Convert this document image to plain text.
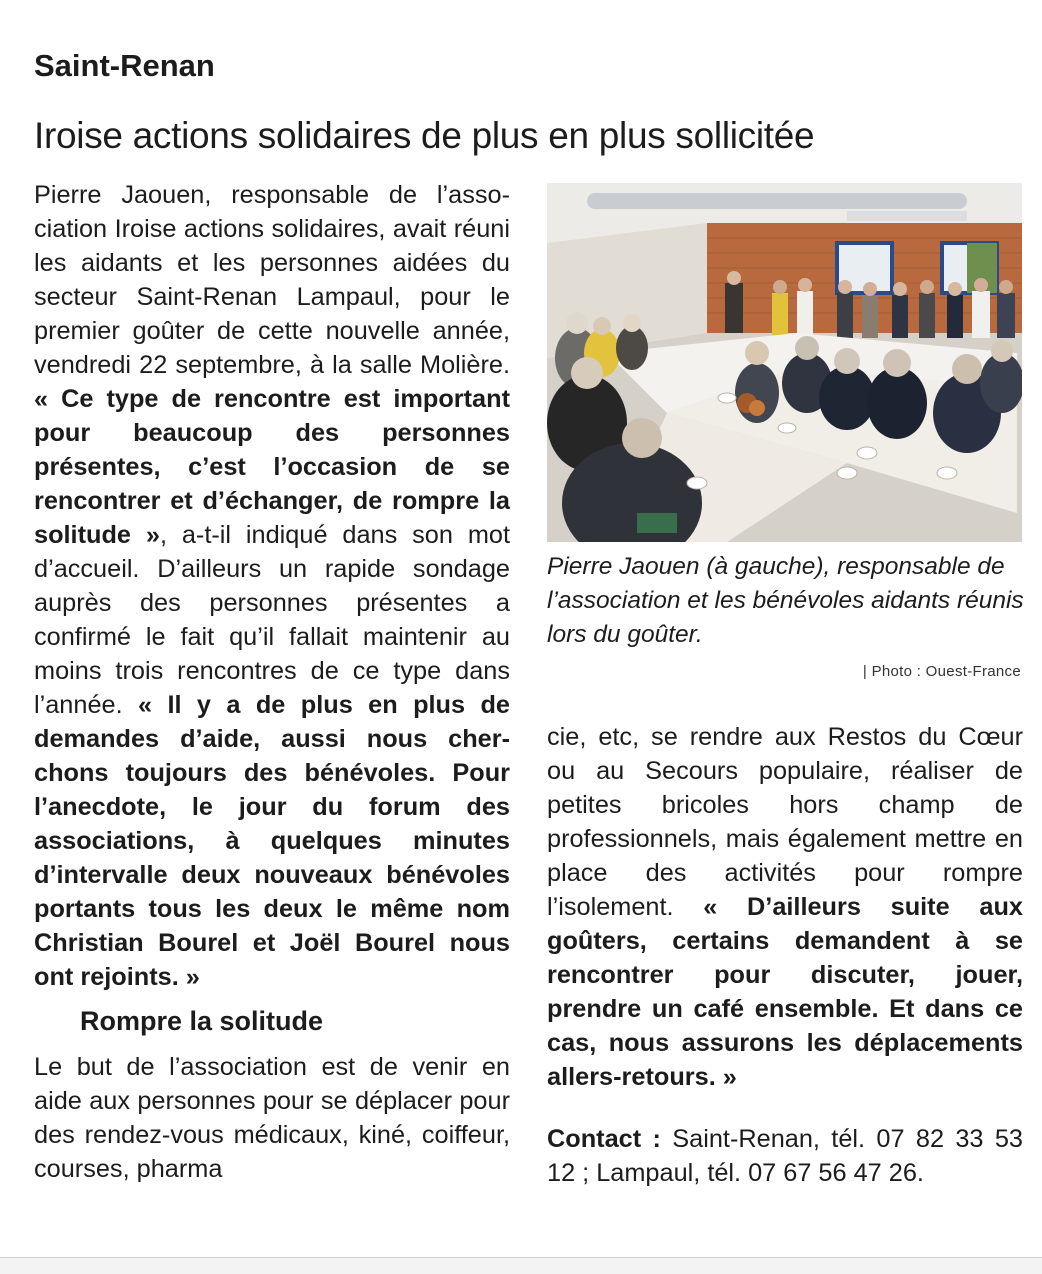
Saint-Renan
Iroise actions solidaires de plus en plus sollicitée

Pierre Jaouen, responsable de l’association Iroise actions solidaires, avait réuni les aidants et les personnes aidées du secteur Saint-Renan Lampaul, pour le premier goûter de cette nouvelle année, vendredi 22 septembre, à la salle Molière. « Ce type de rencontre est important pour beaucoup des personnes présentes, c’est l’occasion de se rencontrer et d’échanger, de rompre la solitude », a-t-il indiqué dans son mot d’accueil. D’ailleurs un rapide sondage auprès des personnes présentes a confirmé le fait qu’il fallait maintenir au moins trois rencontres de ce type dans l’année. « Il y a de plus en plus de demandes d’aide, aussi nous cherchons toujours des bénévoles. Pour l’anecdote, le jour du forum des associations, à quelques minutes d’intervalle deux nouveaux bénévoles portants tous les deux le même nom Christian Bourel et Joël Bourel nous ont rejoints. »

Rompre la solitude

Le but de l’association est de venir en aide aux personnes pour se déplacer pour des rendez-vous médicaux, kiné, coiffeur, courses, pharma

Pierre Jaouen (à gauche), responsable de l’association et les bénévoles aidants réunis lors du goûter.
| Photo : Ouest-France

cie, etc, se rendre aux Restos du Cœur ou au Secours populaire, réaliser de petites bricoles hors champ de professionnels, mais également mettre en place des activités pour rompre l’isolement. « D’ailleurs suite aux goûters, certains demandent à se rencontrer pour discuter, jouer, prendre un café ensemble. Et dans ce cas, nous assurons les déplacements allers-retours. »

Contact : Saint-Renan, tél. 07 82 33 53 12 ; Lampaul, tél. 07 67 56 47 26.
